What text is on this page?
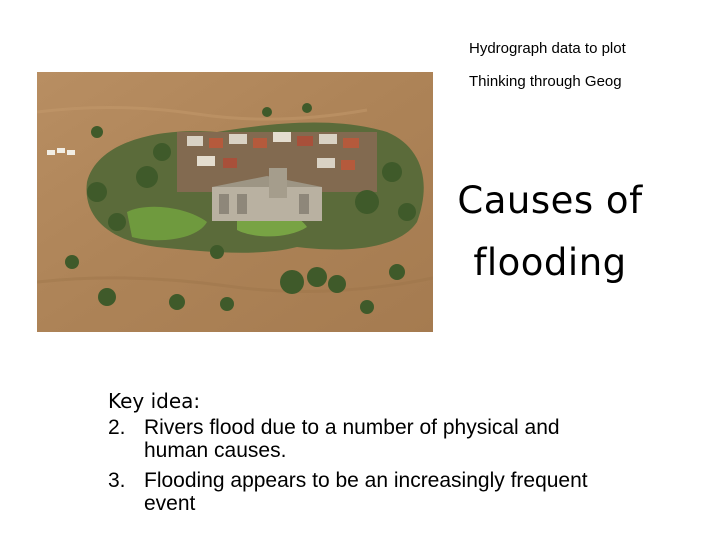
Hydrograph data to plot
Thinking through Geog
Causes of
flooding
Key idea:
2. Rivers flood due to a number of physical and human causes.
3. Flooding appears to be an increasingly frequent event
